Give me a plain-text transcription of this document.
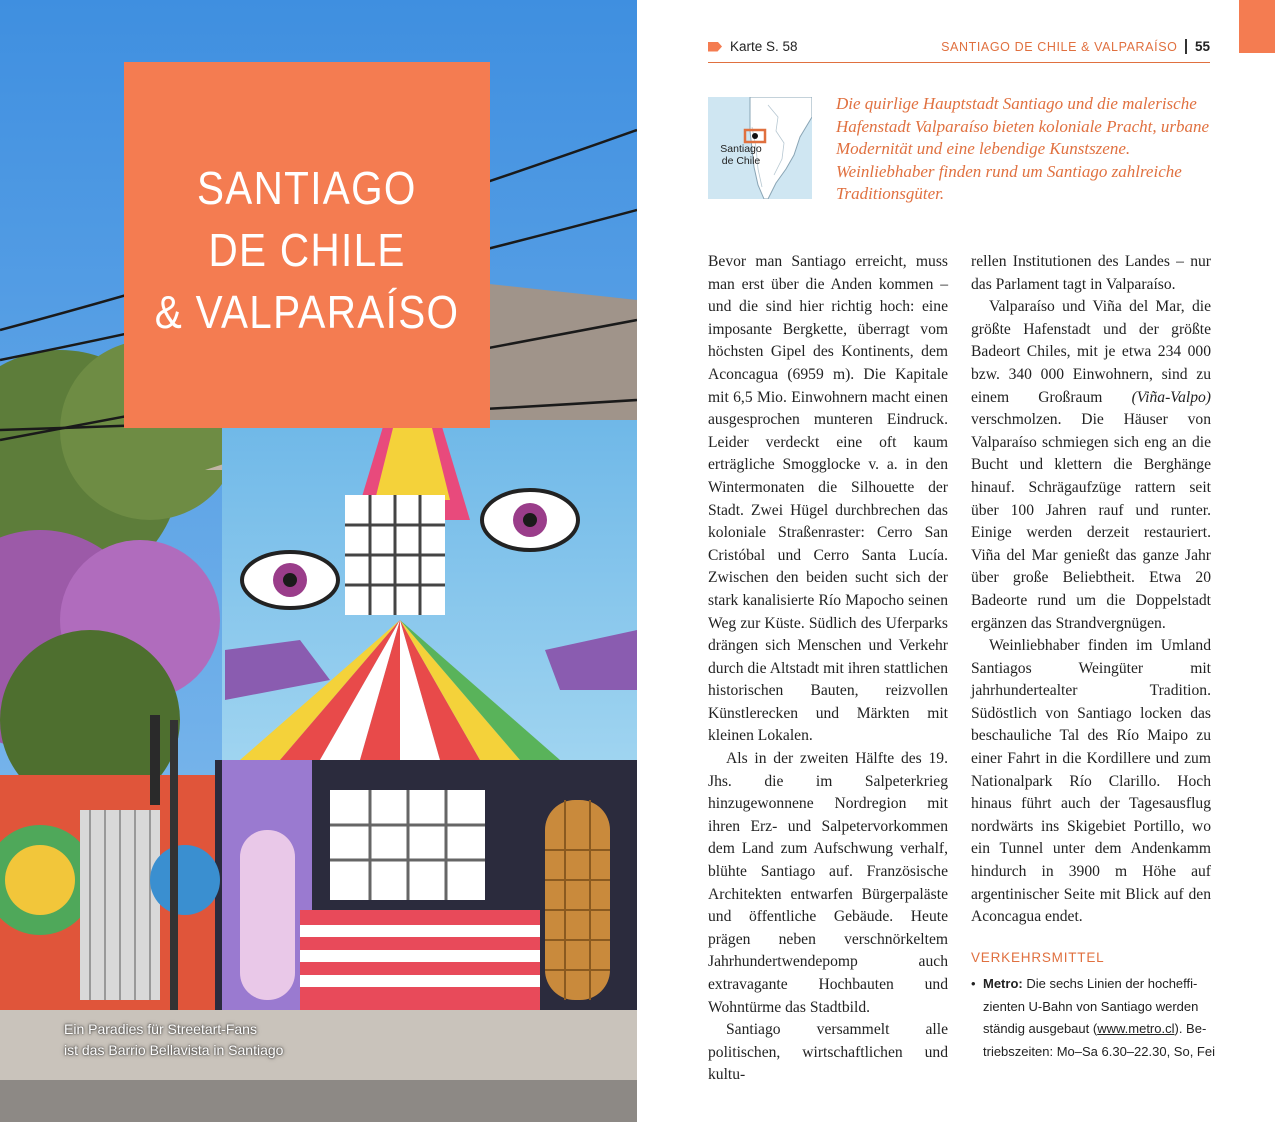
SANTIAGO
DE CHILE
& VALPARAÍSO
Ein Paradies für Streetart-Fans
ist das Barrio Bellavista in Santiago
Karte S. 58	SANTIAGO DE CHILE & VALPARAÍSO 55
Santiago
de Chile
Die quirlige Hauptstadt Santiago und die malerische Hafenstadt Valparaíso bieten koloniale Pracht, urbane Modernität und eine lebendige Kunstszene. Weinliebhaber finden rund um Santiago zahlreiche Traditionsgüter.

Bevor man Santiago erreicht, muss man erst über die Anden kommen – und die sind hier richtig hoch: eine imposante Bergkette, überragt vom höchsten Gipel des Kontinents, dem Aconcagua (6959 m). Die Kapitale mit 6,5 Mio. Einwohnern macht einen ausgesprochen munteren Eindruck. Leider verdeckt eine oft kaum erträgliche Smogglocke v. a. in den Wintermonaten die Silhouette der Stadt. Zwei Hügel durchbrechen das koloniale Straßenraster: Cerro San Cristóbal und Cerro Santa Lucía. Zwischen den beiden sucht sich der stark kanalisierte Río Mapocho seinen Weg zur Küste. Südlich des Uferparks drängen sich Menschen und Verkehr durch die Altstadt mit ihren stattlichen historischen Bauten, reizvollen Künstlerecken und Märkten mit kleinen Lokalen.

Als in der zweiten Hälfte des 19. Jhs. die im Salpeterkrieg hinzugewonnene Nordregion mit ihren Erz- und Salpetervorkommen dem Land zum Aufschwung verhalf, blühte Santiago auf. Französische Architekten entwarfen Bürgerpaläste und öffentliche Gebäude. Heute prägen neben verschnörkeltem Jahrhundertwendepomp auch extravagante Hochbauten und Wohntürme das Stadtbild.

Santiago versammelt alle politischen, wirtschaftlichen und kultu-

rellen Institutionen des Landes – nur das Parlament tagt in Valparaíso.

Valparaíso und Viña del Mar, die größte Hafenstadt und der größte Badeort Chiles, mit je etwa 234 000 bzw. 340 000 Einwohnern, sind zu einem Großraum (Viña-Valpo) verschmolzen. Die Häuser von Valparaíso schmiegen sich eng an die Bucht und klettern die Berghänge hinauf. Schrägaufzüge rattern seit über 100 Jahren rauf und runter. Einige werden derzeit restauriert. Viña del Mar genießt das ganze Jahr über große Beliebtheit. Etwa 20 Badeorte rund um die Doppelstadt ergänzen das Strandvergnügen.

Weinliebhaber finden im Umland Santiagos Weingüter mit jahrhundertealter Tradition. Südöstlich von Santiago locken das beschauliche Tal des Río Maipo zu einer Fahrt in die Kordillere und zum Nationalpark Río Clarillo. Hoch hinaus führt auch der Tagesausflug nordwärts ins Skigebiet Portillo, wo ein Tunnel unter dem Andenkamm hindurch in 3900 m Höhe auf argentinischer Seite mit Blick auf den Aconcagua endet.

VERKEHRSMITTEL
• Metro: Die sechs Linien der hocheffi-
zienten U-Bahn von Santiago werden
ständig ausgebaut (www.metro.cl). Be-
triebszeiten: Mo–Sa 6.30–22.30, So, Fei
